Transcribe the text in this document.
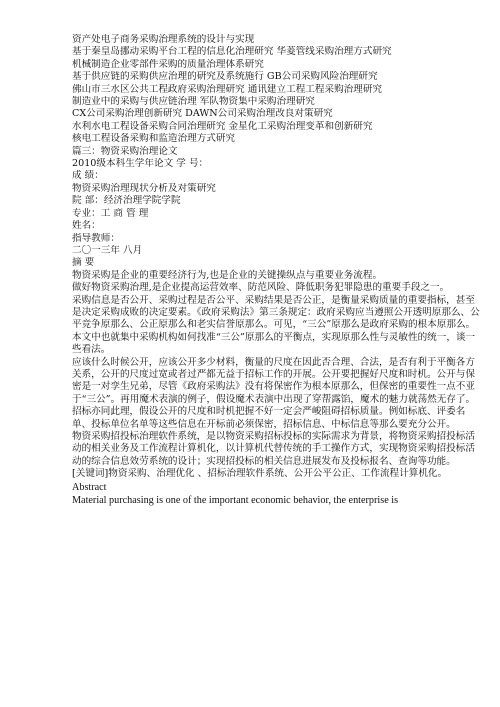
资产处电子商务采购治理系统的设计与实现
基于秦皇岛挪动采购平台工程的信息化治理研究 华菱管线采购治理方式研究
机械制造企业零部件采购的质量治理体系研究
基于供应链的采购供应治理的研究及系统施行 GB公司采购风险治理研究
佛山市三水区公共工程政府采购治理研究 通讯建立工程工程采购治理研究
制造业中的采购与供应链治理 军队物资集中采购治理研究
CX公司采购治理创新研究 DAWN公司采购治理改良对策研究
水利水电工程设备采购合同治理研究 金星化工采购治理变革和创新研究
核电工程设备采购和监造治理方式研究
篇三：物资采购治理论文
2010级本科生学年论文 学 号：
成 绩：
物资采购治理现状分析及对策研究
院 部：经济治理学院学院
专业：工 商 管 理
姓名：
指导教师：
二〇一三年 八月
摘 要
物资采购是企业的重要经济行为,也是企业的关键操纵点与重要业务流程。
做好物资采购治理,是企业提高运营效率、防范风险、降低职务犯罪隐患的重要手段之一。
采购信息是否公开、采购过程是否公平、采购结果是否公正，是衡量采购质量的重要指标，甚至是决定采购成败的决定要素。《政府采购法》第三条规定：政府采购应当遵照公开透明原那么、公平竞争原那么、公正原那么和老实信誉原那么。可见，“三公”原那么是政府采购的根本原那么。本文中也就集中采购机构如何找准“三公”原那么的平衡点，实现原那么性与灵敏性的统一，谈一些看法。
应该什么时候公开，应该公开多少材料，衡量的尺度在因此否合理、合法，是否有利于平衡各方关系，公开的尺度过宽或者过严都无益于招标工作的开展。公开要把握好尺度和时机。公开与保密是一对孪生兄弟，尽管《政府采购法》没有将保密作为根本原那么，但保密的重要性一点不亚于“三公”。再用魔术表演的例子，假设魔术表演中出现了穿帮露馅，魔术的魅力就荡然无存了。招标亦同此理，假设公开的尺度和时机把握不好一定会严峻阻碍招标质量。例如标底、评委名单、投标单位名单等这些信息在开标前必须保密，招标信息、中标信息等那么要充分公开。
物资采购招投标治理软件系统，是以物资采购招标投标的实际需求为背景，将物资采购招投标活动的相关业务及工作流程计算机化，以计算机代替传统的手工操作方式，实现物资采购招投标活动的综合信息效劳系统的设计；实现招投标的相关信息进展发布及投标报名、查询等功能。
[关键词]物资采购、治理优化 、招标治理软件系统、公开公平公正、工作流程计算机化。
Abstract
Material purchasing is one of the important economic behavior, the enterprise is
